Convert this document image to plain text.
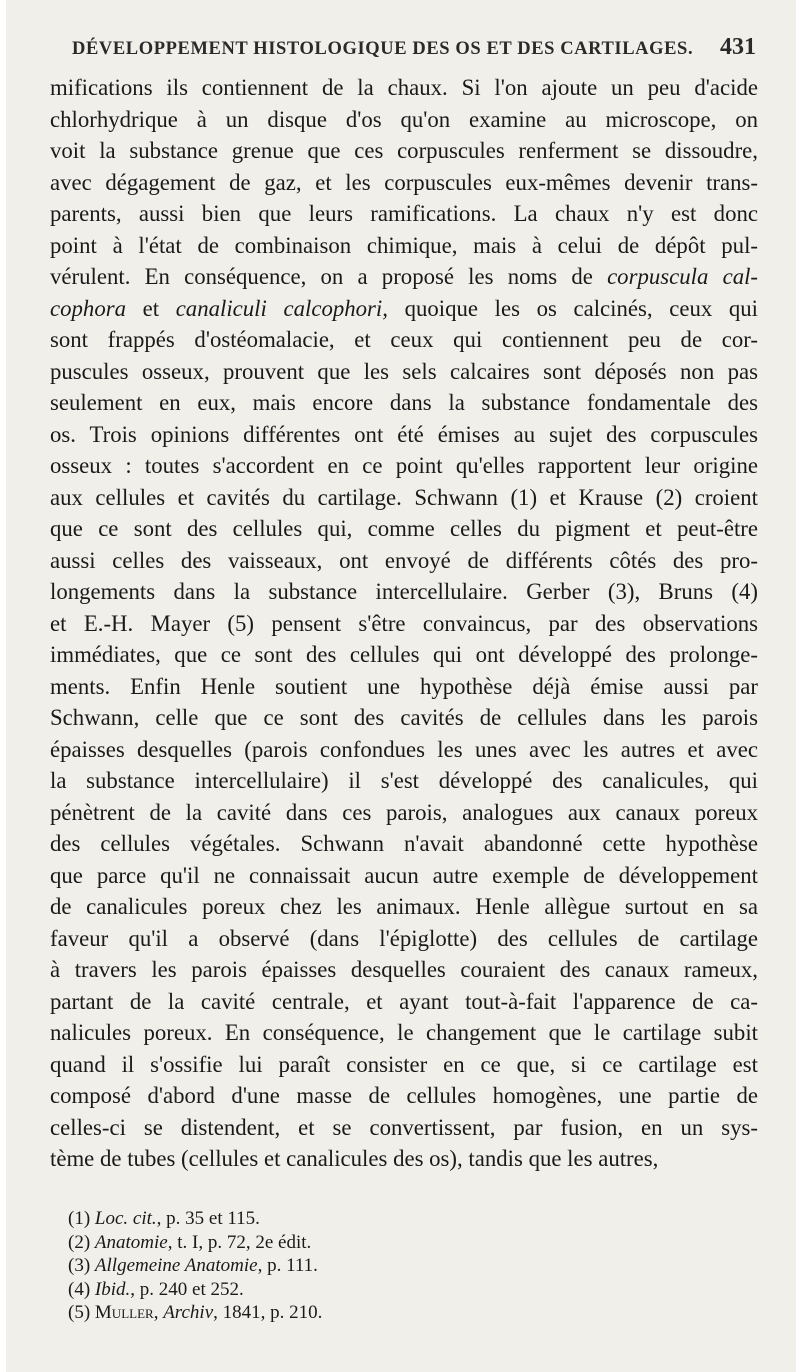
DÉVELOPPEMENT HISTOLOGIQUE DES OS ET DES CARTILAGES. 431
mifications ils contiennent de la chaux. Si l'on ajoute un peu d'acide
chlorhydrique à un disque d'os qu'on examine au microscope, on
voit la substance grenue que ces corpuscules renferment se dissoudre,
avec dégagement de gaz, et les corpuscules eux-mêmes devenir trans-
parents, aussi bien que leurs ramifications. La chaux n'y est donc
point à l'état de combinaison chimique, mais à celui de dépôt pul-
vérulent. En conséquence, on a proposé les noms de corpuscula cal-
cophora et canaliculi calcophori, quoique les os calcinés, ceux qui
sont frappés d'ostéomalacie, et ceux qui contiennent peu de cor-
puscules osseux, prouvent que les sels calcaires sont déposés non pas
seulement en eux, mais encore dans la substance fondamentale des
os. Trois opinions différentes ont été émises au sujet des corpuscules
osseux : toutes s'accordent en ce point qu'elles rapportent leur origine
aux cellules et cavités du cartilage. Schwann (1) et Krause (2) croient
que ce sont des cellules qui, comme celles du pigment et peut-être
aussi celles des vaisseaux, ont envoyé de différents côtés des pro-
longements dans la substance intercellulaire. Gerber (3), Bruns (4)
et E.-H. Mayer (5) pensent s'être convaincus, par des observations
immédiates, que ce sont des cellules qui ont développé des prolonge-
ments. Enfin Henle soutient une hypothèse déjà émise aussi par
Schwann, celle que ce sont des cavités de cellules dans les parois
épaisses desquelles (parois confondues les unes avec les autres et avec
la substance intercellulaire) il s'est développé des canalicules, qui
pénètrent de la cavité dans ces parois, analogues aux canaux poreux
des cellules végétales. Schwann n'avait abandonné cette hypothèse
que parce qu'il ne connaissait aucun autre exemple de développement
de canalicules poreux chez les animaux. Henle allègue surtout en sa
faveur qu'il a observé (dans l'épiglotte) des cellules de cartilage
à travers les parois épaisses desquelles couraient des canaux rameux,
partant de la cavité centrale, et ayant tout-à-fait l'apparence de ca-
nalicules poreux. En conséquence, le changement que le cartilage subit
quand il s'ossifie lui paraît consister en ce que, si ce cartilage est
composé d'abord d'une masse de cellules homogènes, une partie de
celles-ci se distendent, et se convertissent, par fusion, en un sys-
tème de tubes (cellules et canalicules des os), tandis que les autres,
(1) Loc. cit., p. 35 et 115.
(2) Anatomie, t. I, p. 72, 2e édit.
(3) Allgemeine Anatomie, p. 111.
(4) Ibid., p. 240 et 252.
(5) Muller, Archiv, 1841, p. 210.
